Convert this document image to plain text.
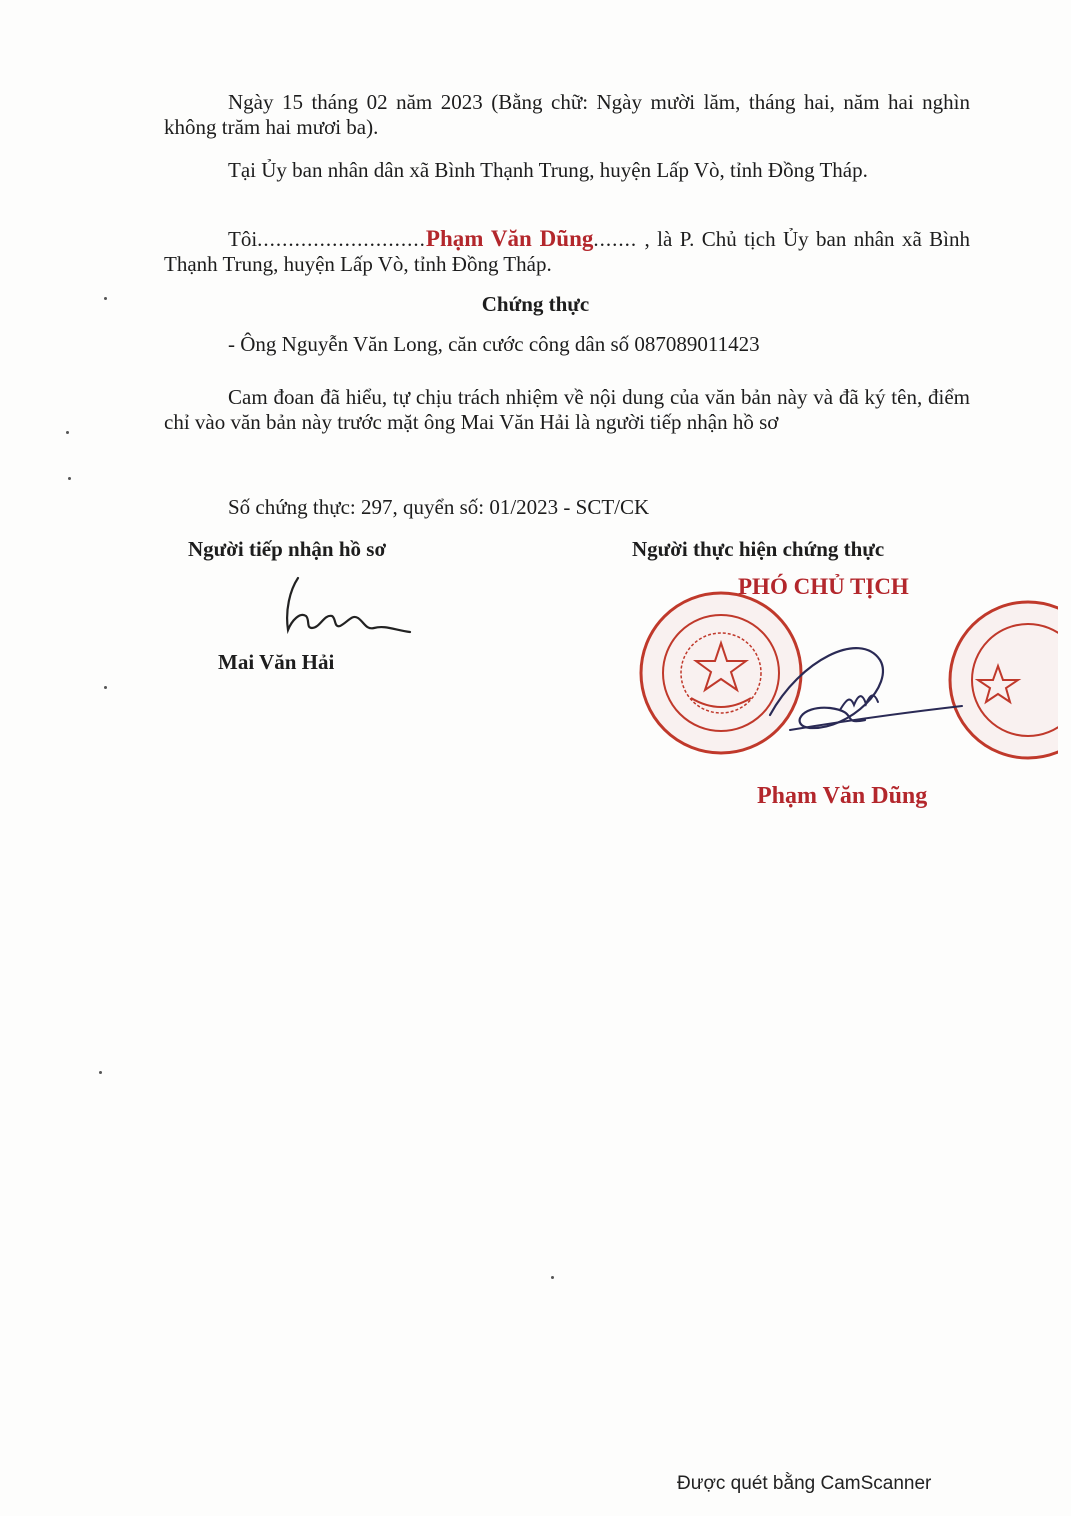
Ngày 15 tháng 02 năm 2023 (Bằng chữ: Ngày mười lăm, tháng hai, năm hai nghìn không trăm hai mươi ba).
Tại Ủy ban nhân dân xã Bình Thạnh Trung, huyện Lấp Vò, tỉnh Đồng Tháp.
Tôi...........................Phạm Văn Dũng....... , là P. Chủ tịch Ủy ban nhân xã Bình Thạnh Trung, huyện Lấp Vò, tỉnh Đồng Tháp.
Chứng thực
- Ông Nguyễn Văn Long, căn cước công dân số 087089011423
Cam đoan đã hiểu, tự chịu trách nhiệm về nội dung của văn bản này và đã ký tên, điểm chỉ vào văn bản này trước mặt ông Mai Văn Hải là người tiếp nhận hồ sơ
Số chứng thực: 297, quyển số: 01/2023 - SCT/CK
Người tiếp nhận hồ sơ
Mai Văn Hải
Người thực hiện chứng thực
PHÓ CHỦ TỊCH
Phạm Văn Dũng
Được quét bằng CamScanner
